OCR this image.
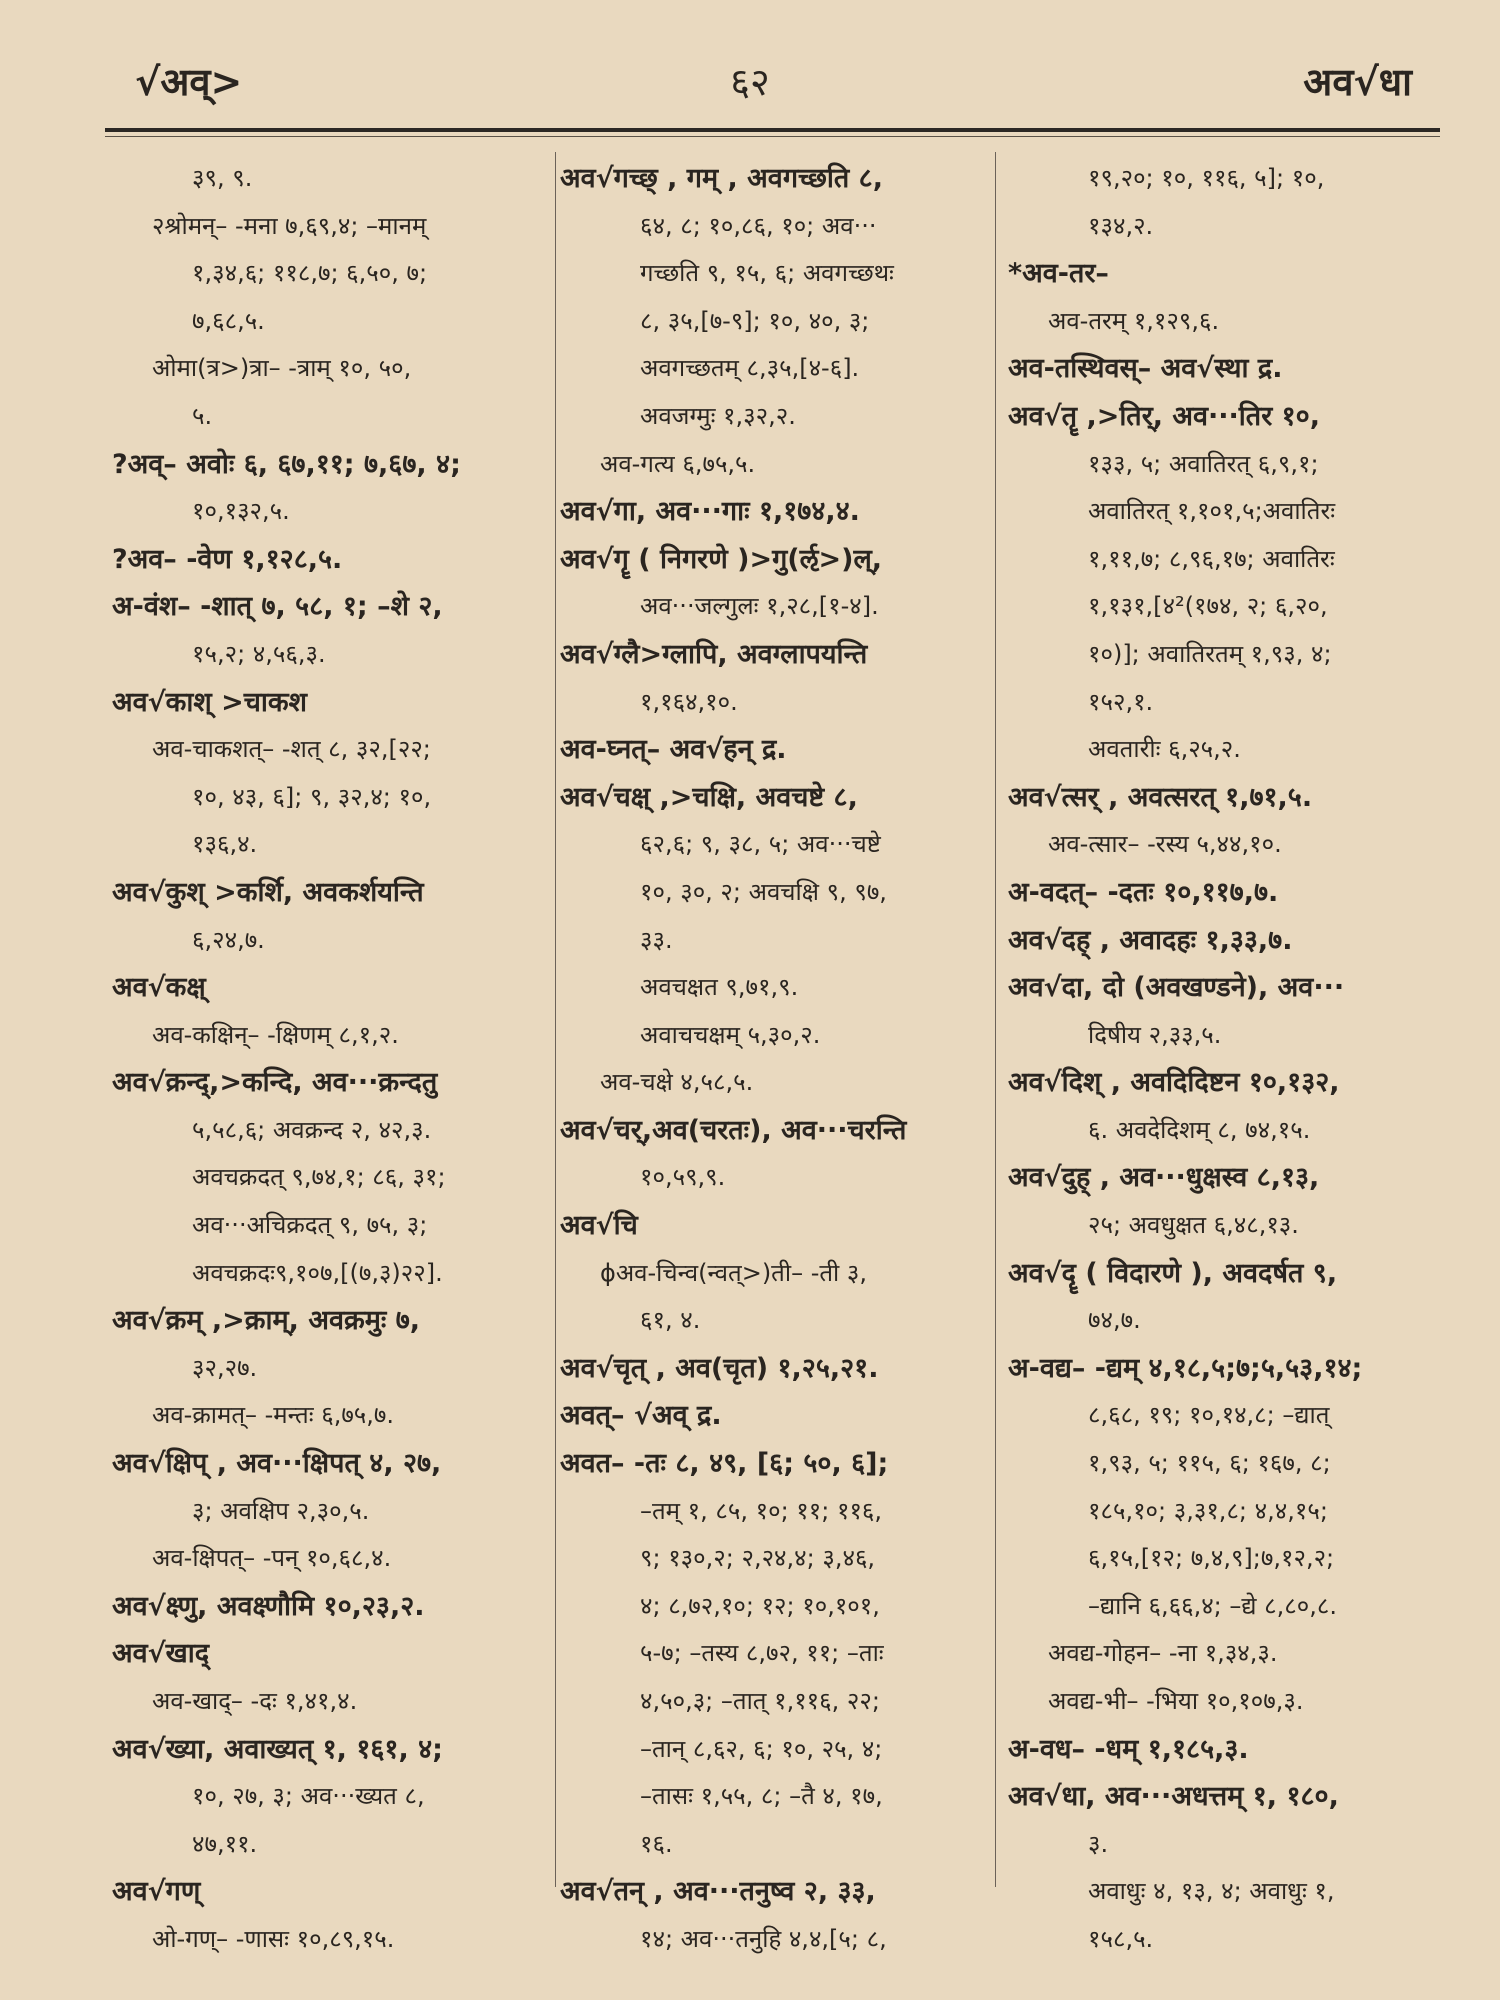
६२
√अव्>	अव√धा
३९, ९.
२श्रोमन्– -मना ७,६९,४; –मानम्
१,३४,६; ११८,७; ६,५०, ७;
७,६८,५.
ओमा(त्र>)त्रा– -त्राम् १०, ५०,
५.
?अव्– अवोः ६, ६७,११; ७,६७, ४;
१०,१३२,५.
?अव– -वेण १,१२८,५.
अ-वंश– -शात् ७, ५८, १; –शे २,
१५,२; ४,५६,३.
अव√काश् >चाकश
अव-चाकशत्– -शत् ८, ३२,[२२;
१०, ४३, ६]; ९, ३२,४; १०,
१३६,४.
अव√कुश् >कर्शि, अवकर्शयन्ति
६,२४,७.
अव√कक्ष्
अव-कक्षिन्– -क्षिणम् ८,१,२.
अव√क्रन्द्,>कन्दि, अव···क्रन्दतु
५,५८,६; अवक्रन्द २, ४२,३.
अवचक्रदत् ९,७४,१; ८६, ३१;
अव···अचिक्रदत् ९, ७५, ३;
अवचक्रदः९,१०७,[(७,३)२२].
अव√क्रम् ,>क्राम्, अवक्रमुः ७,
३२,२७.
अव-क्रामत्– -मन्तः ६,७५,७.
अव√क्षिप् , अव···क्षिपत् ४, २७,
३; अवक्षिप २,३०,५.
अव-क्षिपत्– -पन् १०,६८,४.
अव√क्ष्णु, अवक्ष्णौमि १०,२३,२.
अव√खाद्
अव-खाद्– -दः १,४१,४.
अव√ख्या, अवाख्यत् १, १६१, ४;
१०, २७, ३; अव···ख्यत ८,
४७,११.
अव√गण्
ओ-गण्– -णासः १०,८९,१५.
अव√गच्छ् , गम् , अवगच्छति ८,
६४, ८; १०,८६, १०; अव···
गच्छति ९, १५, ६; अवगच्छथः
८, ३५,[७-९]; १०, ४०, ३;
अवगच्छतम् ८,३५,[४-६].
अवजग्मुः १,३२,२.
अव-गत्य ६,७५,५.
अव√गा, अव···गाः १,१७४,४.
अव√गॄ ( निगरणे )>गु(रॢ>)ल्,
अव···जल्गुलः १,२८,[१-४].
अव√ग्लै>ग्लापि, अवग्लापयन्ति
१,१६४,१०.
अव-घ्नत्– अव√हन् द्र.
अव√चक्ष् ,>चक्षि, अवचष्टे ८,
६२,६; ९, ३८, ५; अव···चष्टे
१०, ३०, २; अवचक्षि ९, ९७,
३३.
अवचक्षत ९,७१,९.
अवाचचक्षम् ५,३०,२.
अव-चक्षे ४,५८,५.
अव√चर्,अव(चरतः), अव···चरन्ति
१०,५९,९.
अव√चि
ϕअव-चिन्व(न्वत्>)ती– -ती ३,
६१, ४.
अव√चृत् , अव(चृत) १,२५,२१.
अवत्– √अव् द्र.
अवत– -तः ८, ४९, [६; ५०, ६];
–तम् १, ८५, १०; ११; ११६,
९; १३०,२; २,२४,४; ३,४६,
४; ८,७२,१०; १२; १०,१०१,
५-७; –तस्य ८,७२, ११; –ताः
४,५०,३; –तात् १,११६, २२;
–तान् ८,६२, ६; १०, २५, ४;
–तासः १,५५, ८; –तै ४, १७,
१६.
अव√तन् , अव···तनुष्व २, ३३,
१४; अव···तनुहि ४,४,[५; ८,
१९,२०; १०, ११६, ५]; १०,
१३४,२.
*अव-तर–
अव-तरम् १,१२९,६.
अव-तस्थिवस्– अव√स्था द्र.
अव√तॄ ,>तिर्, अव···तिर १०,
१३३, ५; अवातिरत् ६,९,१;
अवातिरत् १,१०१,५;अवातिरः
१,११,७; ८,९६,१७; अवातिरः
१,१३१,[४²(१७४, २; ६,२०,
१०)]; अवातिरतम् १,९३, ४;
१५२,१.
अवतारीः ६,२५,२.
अव√त्सर् , अवत्सरत् १,७१,५.
अव-त्सार– -रस्य ५,४४,१०.
अ-वदत्– -दतः १०,११७,७.
अव√दह् , अवादहः १,३३,७.
अव√दा, दो (अवखण्डने), अव···
दिषीय २,३३,५.
अव√दिश् , अवदिदिष्टन १०,१३२,
६. अवदेदिशम् ८, ७४,१५.
अव√दुह् , अव···धुक्षस्व ८,१३,
२५; अवधुक्षत ६,४८,१३.
अव√दॄ ( विदारणे ), अवदर्षत ९,
७४,७.
अ-वद्य– -द्यम् ४,१८,५;७;५,५३,१४;
८,६८, १९; १०,१४,८; –द्यात्
१,९३, ५; ११५, ६; १६७, ८;
१८५,१०; ३,३१,८; ४,४,१५;
६,१५,[१२; ७,४,९];७,१२,२;
–द्यानि ६,६६,४; –द्ये ८,८०,८.
अवद्य-गोहन– -ना १,३४,३.
अवद्य-भी– -भिया १०,१०७,३.
अ-वध– -धम् १,१८५,३.
अव√धा, अव···अधत्तम् १, १८०,
३.
अवाधुः ४, १३, ४; अवाधुः १,
१५८,५.
